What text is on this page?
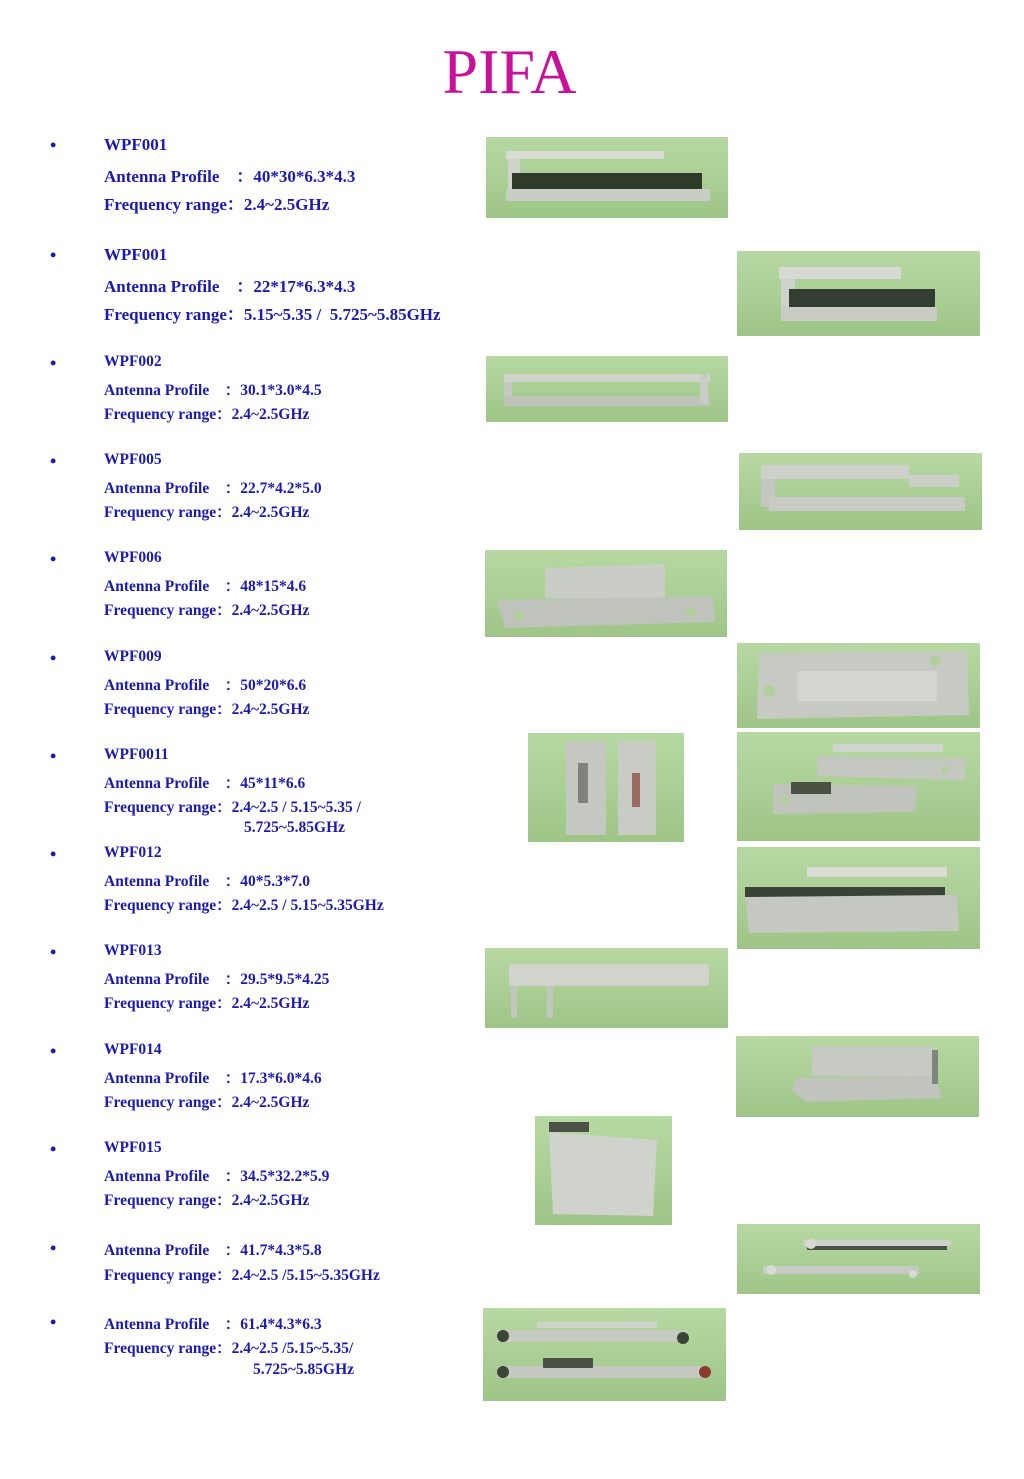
PIFA
•	WPF001
Antenna Profile　：40*30*6.3*4.3
Frequency range：2.4~2.5GHz
•	WPF001
Antenna Profile　：22*17*6.3*4.3
Frequency range：5.15~5.35 /  5.725~5.85GHz
•	WPF002
Antenna Profile　：30.1*3.0*4.5
Frequency range：2.4~2.5GHz
•	WPF005
Antenna Profile　：22.7*4.2*5.0
Frequency range：2.4~2.5GHz
•	WPF006
Antenna Profile　：48*15*4.6
Frequency range：2.4~2.5GHz
•	WPF009
Antenna Profile　：50*20*6.6
Frequency range：2.4~2.5GHz
•	WPF0011
Antenna Profile　：45*11*6.6
Frequency range：2.4~2.5 / 5.15~5.35 /
5.725~5.85GHz
•	WPF012
Antenna Profile　：40*5.3*7.0
Frequency range：2.4~2.5 / 5.15~5.35GHz
•	WPF013
Antenna Profile　：29.5*9.5*4.25
Frequency range：2.4~2.5GHz
•	WPF014
Antenna Profile　：17.3*6.0*4.6
Frequency range：2.4~2.5GHz
•	WPF015
Antenna Profile　：34.5*32.2*5.9
Frequency range：2.4~2.5GHz
•	Antenna Profile　：41.7*4.3*5.8
Frequency range：2.4~2.5 /5.15~5.35GHz
•	Antenna Profile　：61.4*4.3*6.3
Frequency range：2.4~2.5 /5.15~5.35/
5.725~5.85GHz
